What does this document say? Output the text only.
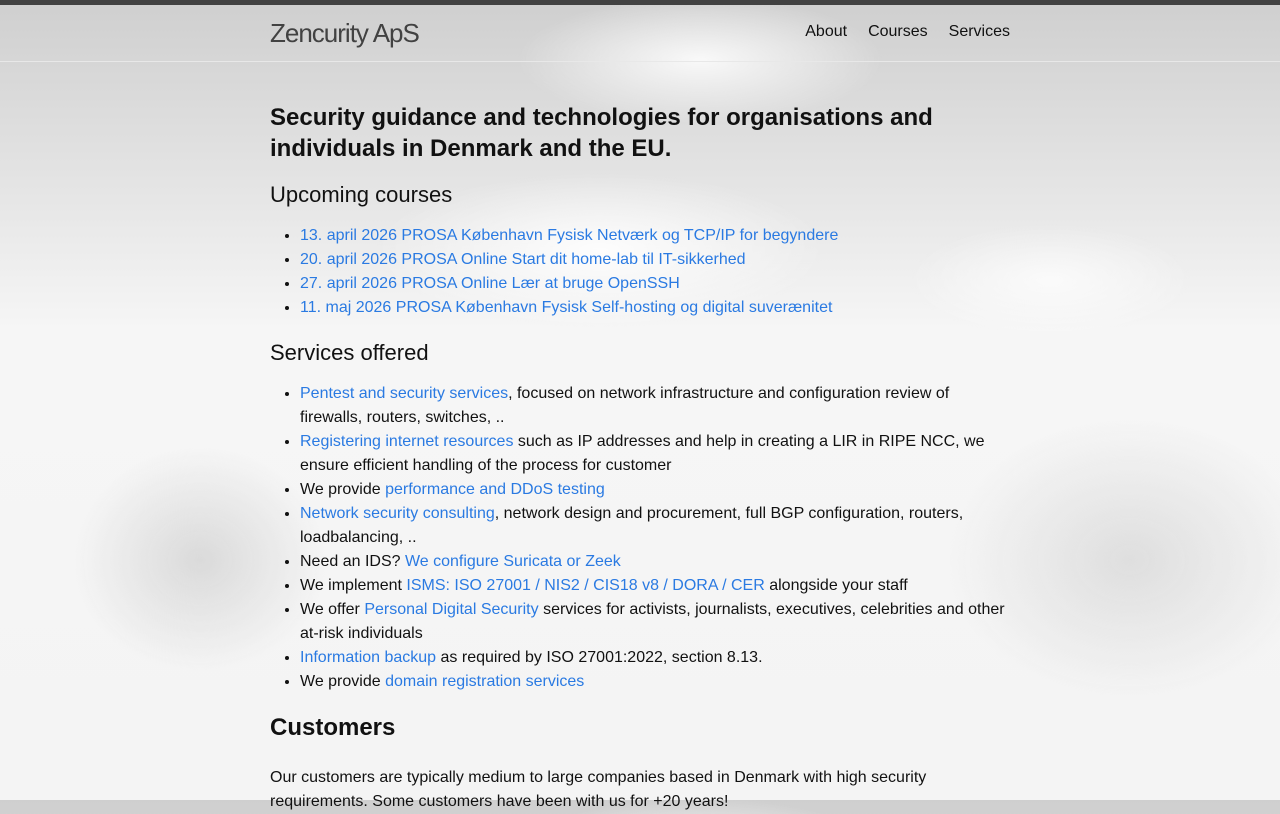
Zencurity ApS	About Courses Services
Security guidance and technologies for organisations and individuals in Denmark and the EU.
Upcoming courses
• 13. april 2026 PROSA København Fysisk Netværk og TCP/IP for begyndere
• 20. april 2026 PROSA Online Start dit home-lab til IT-sikkerhed
• 27. april 2026 PROSA Online Lær at bruge OpenSSH
• 11. maj 2026 PROSA København Fysisk Self-hosting og digital suverænitet
Services offered
• Pentest and security services, focused on network infrastructure and configuration review of firewalls, routers, switches, ..
• Registering internet resources such as IP addresses and help in creating a LIR in RIPE NCC, we ensure efficient handling of the process for customer
• We provide performance and DDoS testing
• Network security consulting, network design and procurement, full BGP configuration, routers, loadbalancing, ..
• Need an IDS? We configure Suricata or Zeek
• We implement ISMS: ISO 27001 / NIS2 / CIS18 v8 / DORA / CER alongside your staff
• We offer Personal Digital Security services for activists, journalists, executives, celebrities and other at-risk individuals
• Information backup as required by ISO 27001:2022, section 8.13.
• We provide domain registration services
Customers

Our customers are typically medium to large companies based in Denmark with high security requirements. Some customers have been with us for +20 years!
